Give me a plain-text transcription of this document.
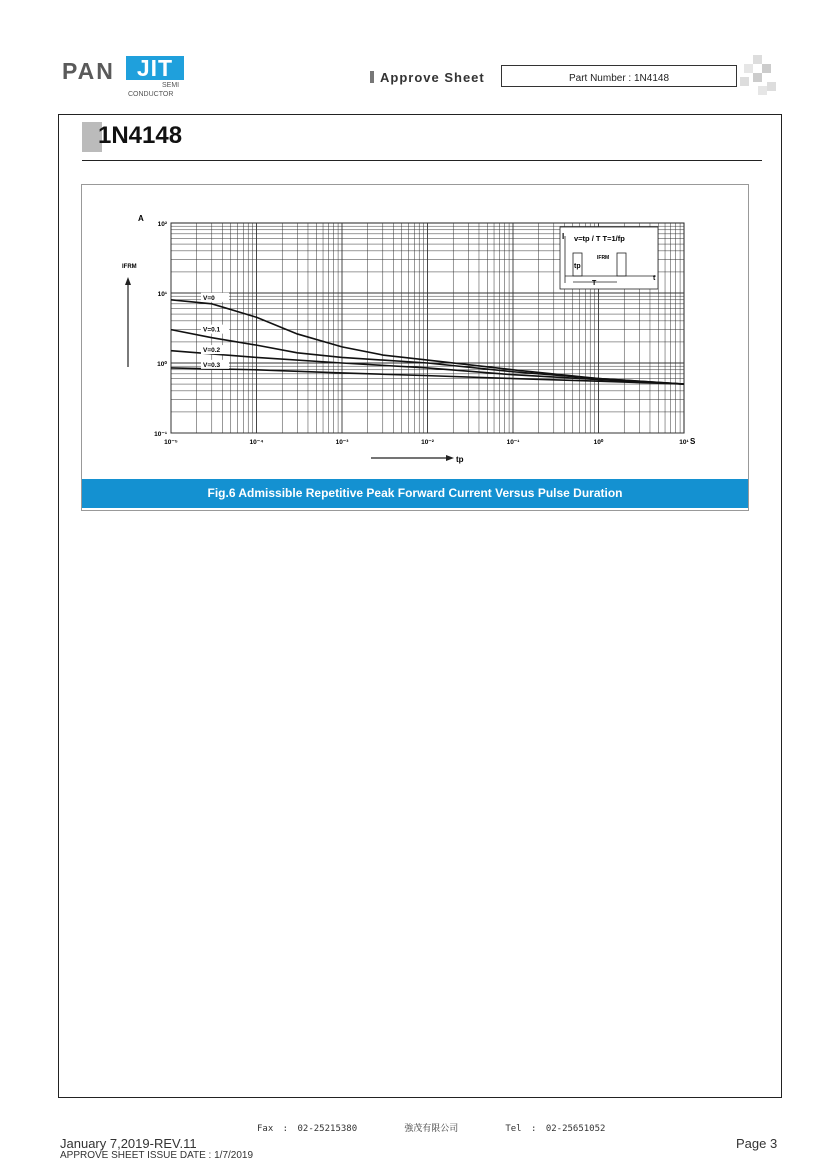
PAN JIT
SEMI
CONDUCTOR
Approve Sheet	Part Number : 1N4148
1N4148
V=0
V=0.1
V=0.2
V=0.3
10⁻⁵	10⁻⁴	10⁻³	10⁻²	10⁻¹	10⁰	10¹
10²
10¹
10⁰
10⁻¹
I v=tp / T T=1/fp
tp
IFRM
T
t
A
IFRM
S
tp
Fig.6 Admissible Repetitive Peak Forward Current Versus Pulse Duration
Fax : 02-25215380	強茂有限公司	Tel : 02-25651052
January 7,2019-REV.11
APPROVE SHEET ISSUE DATE : 1/7/2019
Page 3
